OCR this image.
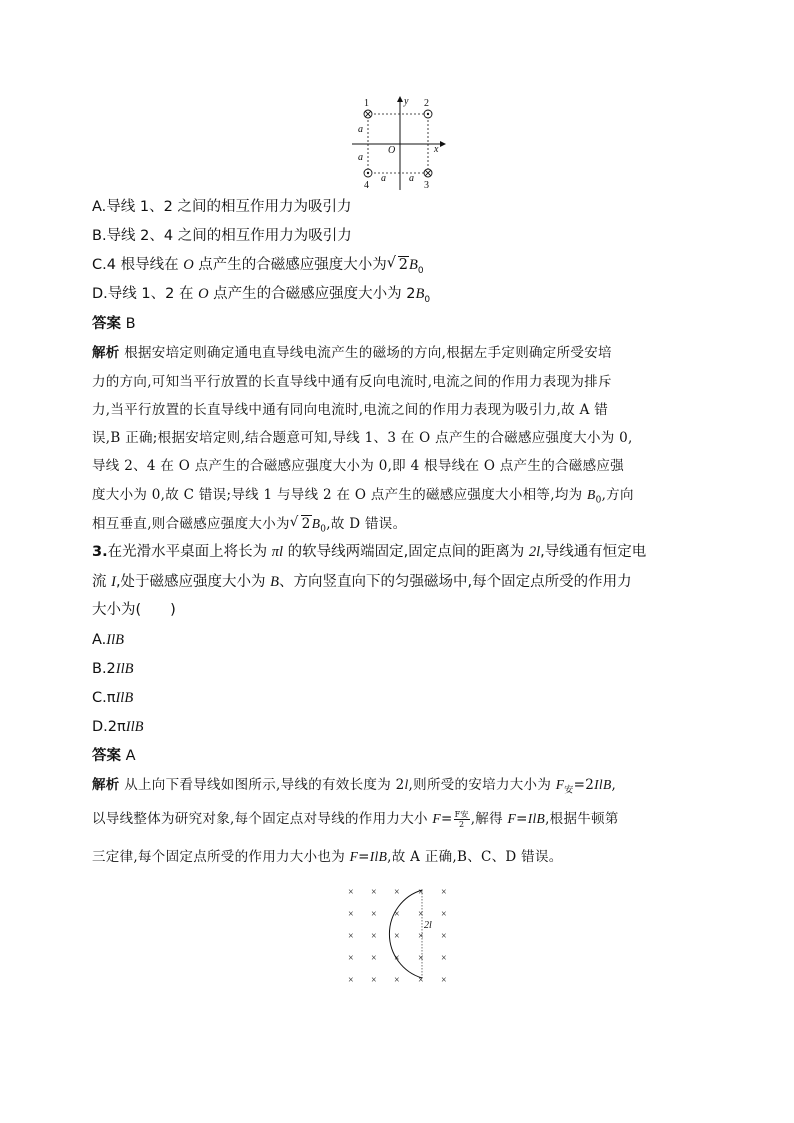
1	2
3
4
y
x
O
a
a
a a
A.导线 1、2 之间的相互作用力为吸引力
B.导线 2、4 之间的相互作用力为吸引力
C.4 根导线在 O 点产生的合磁感应强度大小为 √ $2B_0$
D.导线 1、2 在 O 点产生的合磁感应强度大小为 $2B_0$
答案 B
解析 根据安培定则确定通电直导线电流产生的磁场的方向,根据左手定则确定所受安培
力的方向,可知当平行放置的长直导线中通有反向电流时,电流之间的作用力表现为排斥
力,当平行放置的长直导线中通有同向电流时,电流之间的作用力表现为吸引力,故 A 错
误,B 正确;根据安培定则,结合题意可知,导线 1、3 在 O 点产生的合磁感应强度大小为 0,
导线 2、4 在 O 点产生的合磁感应强度大小为 0,即 4 根导线在 O 点产生的合磁感应强
度大小为 0,故 C 错误;导线 1 与导线 2 在 O 点产生的磁感应强度大小相等,均为 $B_0$,方向
相互垂直,则合磁感应强度大小为 √ $2B_0$,故 D 错误。
3.在光滑水平桌面上将长为 πl 的软导线两端固定,固定点间的距离为 2l,导线通有恒定电
流 I,处于磁感应强度大小为 B、方向竖直向下的匀强磁场中,每个固定点所受的作用力
大小为(　　)
A.IlB
B.2IlB
C.πIlB
D.2πIlB
答案 A
解析 从上向下看导线如图所示,导线的有效长度为 2l,则所受的安培力大小为 $F_安=2IlB$,
以导线整体为研究对象,每个固定点对导线的作用力大小 $F= \frac{\text{F安}}{2}$ ,解得 F=IlB,根据牛顿第
三定律,每个固定点所受的作用力大小也为 F=IlB,故 A 正确,B、C、D 错误。
× × × × ×
× × × × ×
× × × × ×
× × × × ×
× × × × ×
2l
